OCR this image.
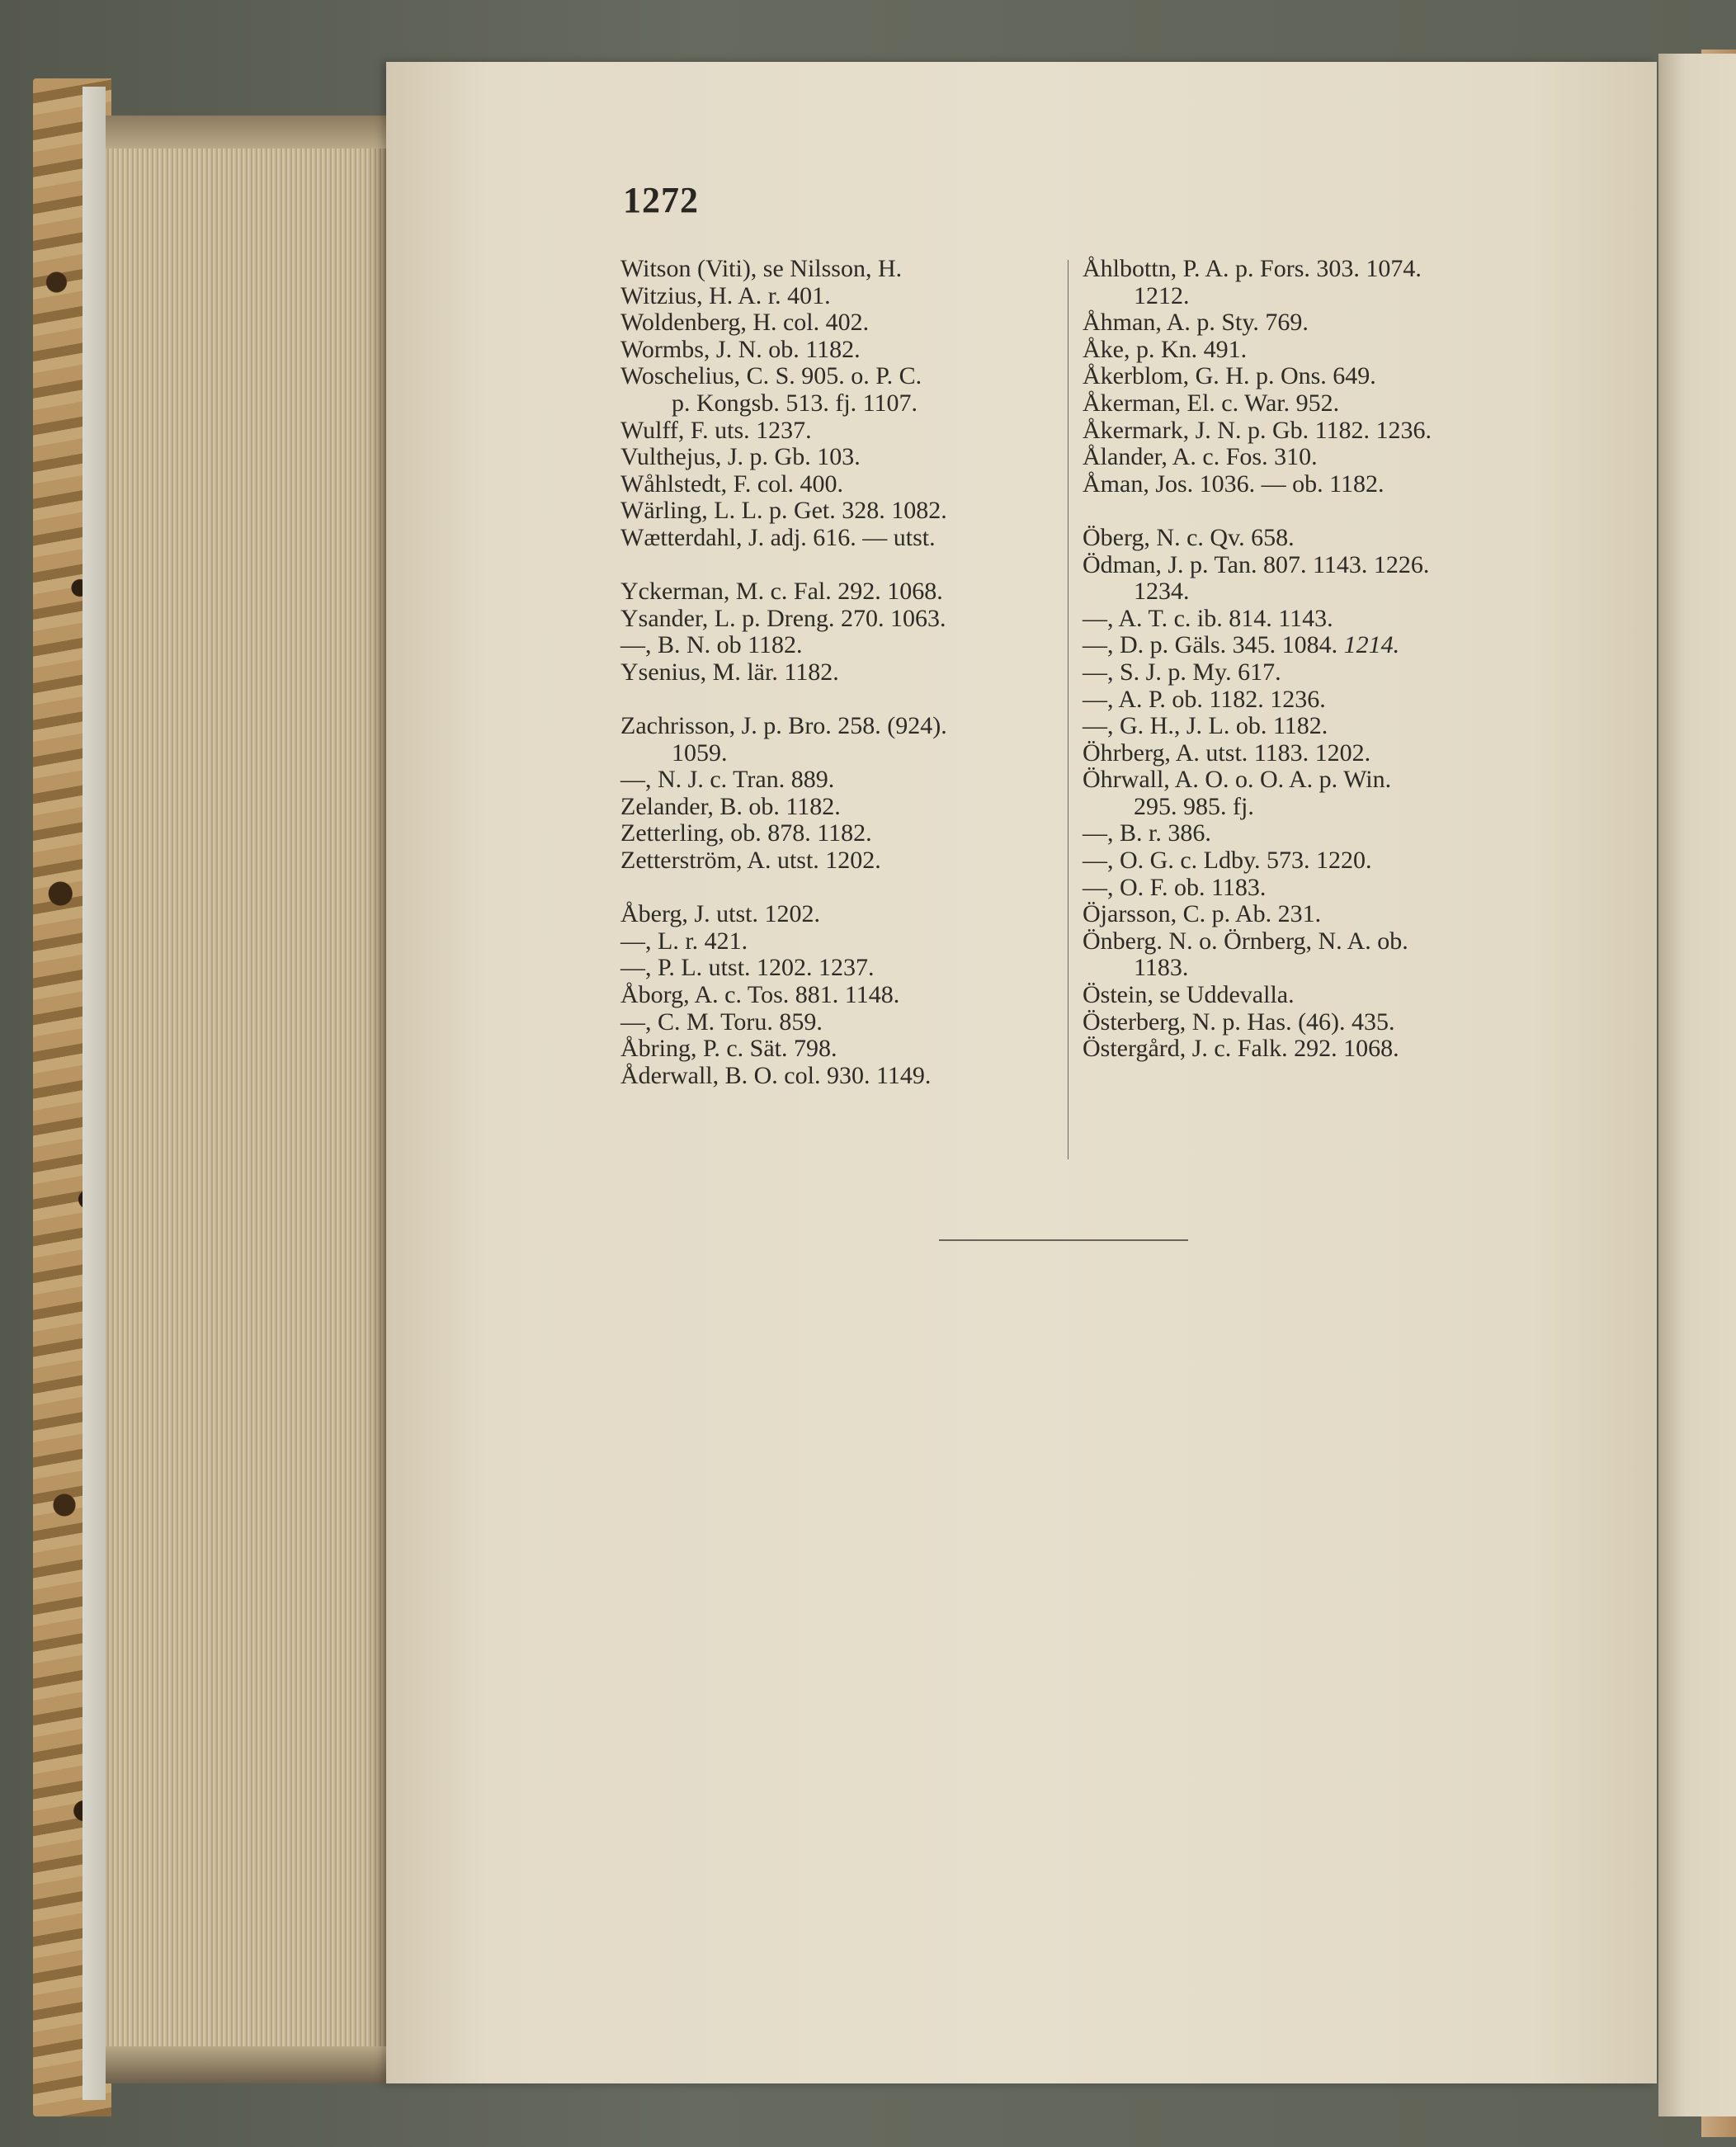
1272
Witson (Viti), se Nilsson, H.
Witzius, H. A. r. 401.
Woldenberg, H. col. 402.
Wormbs, J. N. ob. 1182.
Woschelius, C. S. 905. o. P. C.
p. Kongsb. 513. fj. 1107.
Wulff, F. uts. 1237.
Vulthejus, J. p. Gb. 103.
Wåhlstedt, F. col. 400.
Wärling, L. L. p. Get. 328. 1082.
Wætterdahl, J. adj. 616. — utst.
Yckerman, M. c. Fal. 292. 1068.
Ysander, L. p. Dreng. 270. 1063.
—, B. N. ob 1182.
Ysenius, M. lär. 1182.
Zachrisson, J. p. Bro. 258. (924).
1059.
—, N. J. c. Tran. 889.
Zelander, B. ob. 1182.
Zetterling, ob. 878. 1182.
Zetterström, A. utst. 1202.
Åberg, J. utst. 1202.
—, L. r. 421.
—, P. L. utst. 1202. 1237.
Åborg, A. c. Tos. 881. 1148.
—, C. M. Toru. 859.
Åbring, P. c. Sät. 798.
Åderwall, B. O. col. 930. 1149.
Åhlbottn, P. A. p. Fors. 303. 1074.
1212.
Åhman, A. p. Sty. 769.
Åke, p. Kn. 491.
Åkerblom, G. H. p. Ons. 649.
Åkerman, El. c. War. 952.
Åkermark, J. N. p. Gb. 1182. 1236.
Ålander, A. c. Fos. 310.
Åman, Jos. 1036. — ob. 1182.
Öberg, N. c. Qv. 658.
Ödman, J. p. Tan. 807. 1143. 1226.
1234.
—, A. T. c. ib. 814. 1143.
—, D. p. Gäls. 345. 1084. 1214.
—, S. J. p. My. 617.
—, A. P. ob. 1182. 1236.
—, G. H., J. L. ob. 1182.
Öhrberg, A. utst. 1183. 1202.
Öhrwall, A. O. o. O. A. p. Win.
295. 985. fj.
—, B. r. 386.
—, O. G. c. Ldby. 573. 1220.
—, O. F. ob. 1183.
Öjarsson, C. p. Ab. 231.
Önberg. N. o. Örnberg, N. A. ob.
1183.
Östein, se Uddevalla.
Österberg, N. p. Has. (46). 435.
Östergård, J. c. Falk. 292. 1068.
